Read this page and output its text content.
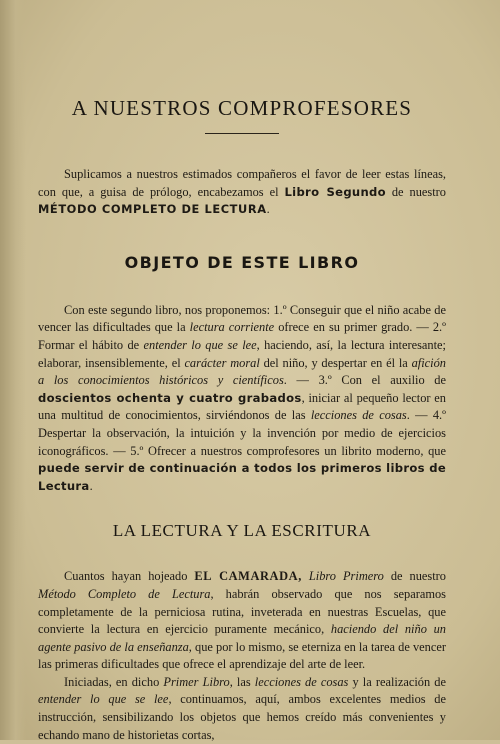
A NUESTROS COMPROFESORES

Suplicamos a nuestros estimados compañeros el favor de leer estas líneas, con que, a guisa de prólogo, encabezamos el Libro Segundo de nuestro MÉTODO COMPLETO DE LECTURA.

OBJETO DE ESTE LIBRO

Con este segundo libro, nos proponemos: 1.º Conseguir que el niño acabe de vencer las dificultades que la lectura corriente ofrece en su primer grado. — 2.º Formar el hábito de entender lo que se lee, haciendo, así, la lectura interesante; elaborar, insensiblemente, el carácter moral del niño, y despertar en él la afición a los conocimientos históricos y científicos. — 3.º Con el auxilio de doscientos ochenta y cuatro grabados, iniciar al pequeño lector en una multitud de conocimientos, sirviéndonos de las lecciones de cosas. — 4.º Despertar la observación, la intuición y la invención por medio de ejercicios iconográficos. — 5.º Ofrecer a nuestros comprofesores un librito moderno, que puede servir de continuación a todos los primeros libros de Lectura.

LA LECTURA Y LA ESCRITURA

Cuantos hayan hojeado EL CAMARADA, Libro Primero de nuestro Método Completo de Lectura, habrán observado que nos separamos completamente de la perniciosa rutina, inveterada en nuestras Escuelas, que convierte la lectura en ejercicio puramente mecánico, haciendo del niño un agente pasivo de la enseñanza, que por lo mismo, se eterniza en la tarea de vencer las primeras dificultades que ofrece el aprendizaje del arte de leer.

Iniciadas, en dicho Primer Libro, las lecciones de cosas y la realización de entender lo que se lee, continuamos, aquí, ambos excelentes medios de instrucción, sensibilizando los objetos que hemos creído más convenientes y echando mano de historietas cortas,
